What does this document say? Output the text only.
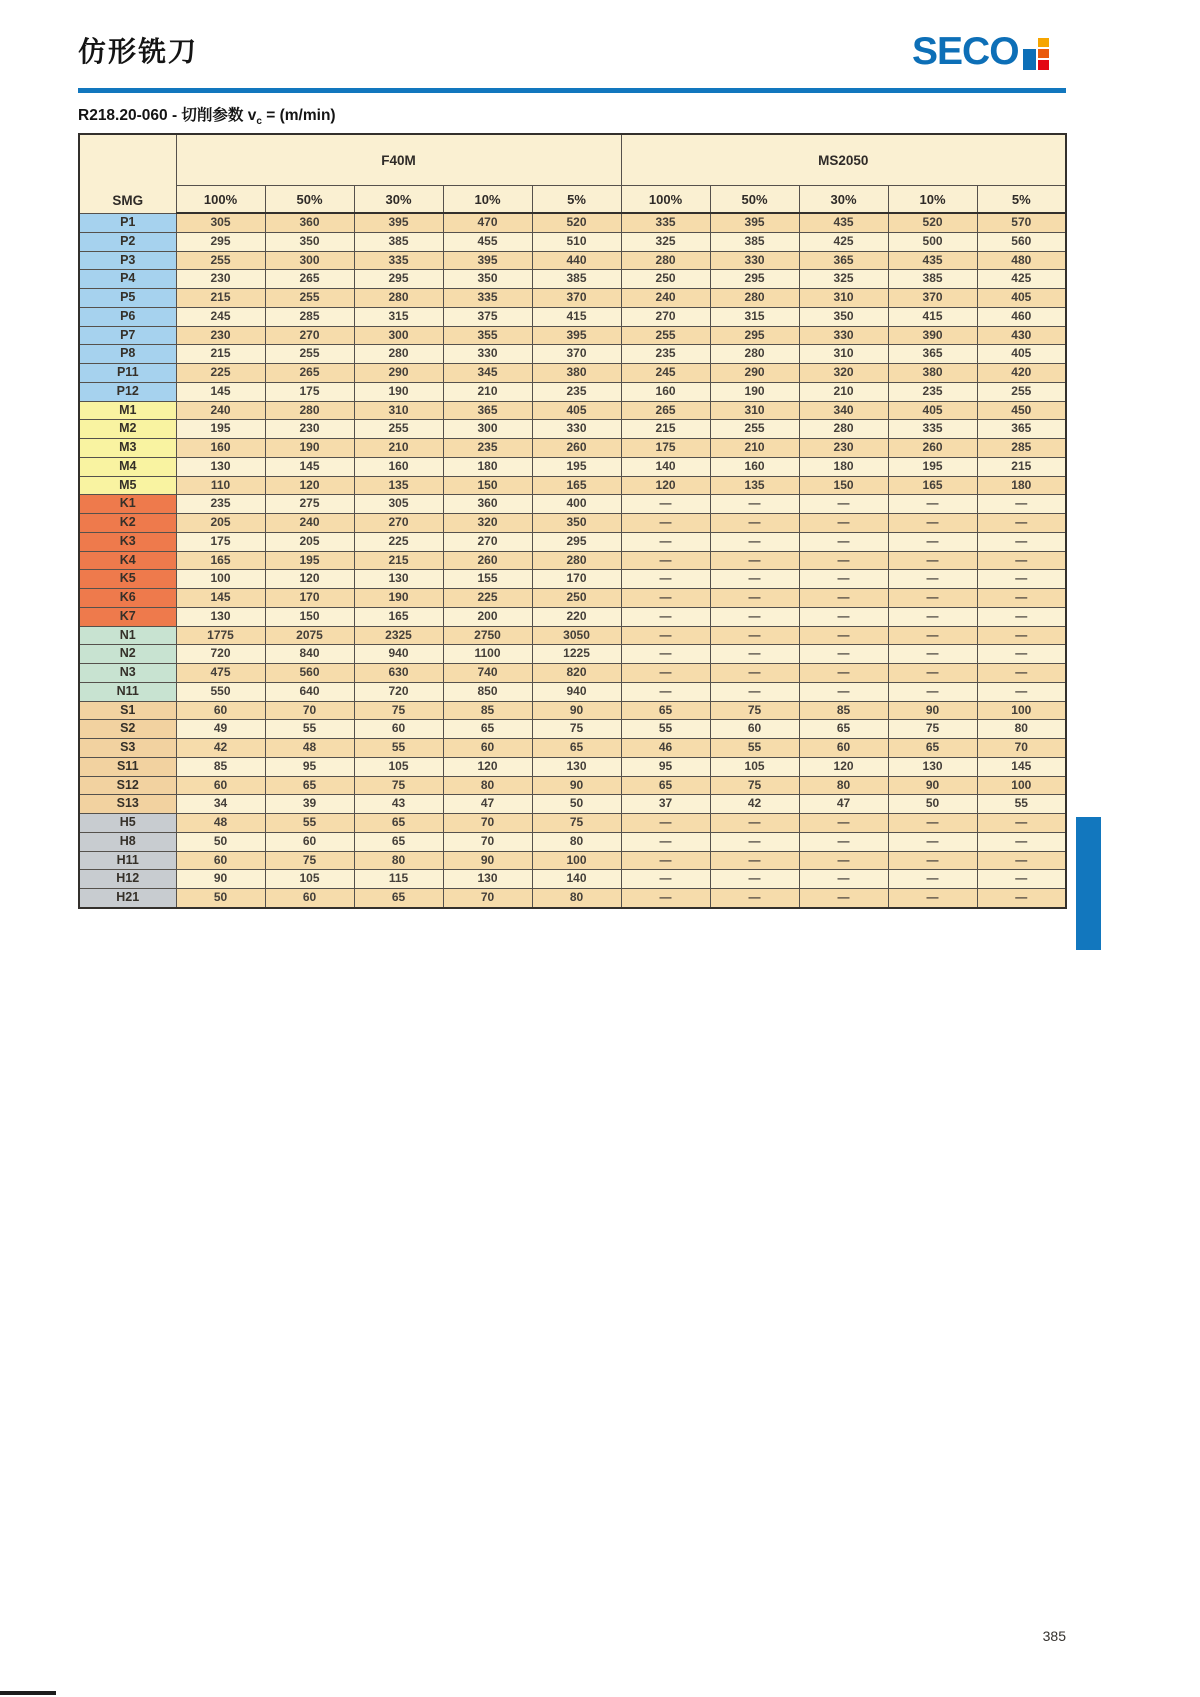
仿形铣刀	SECO
R218.20-060 - 切削参数 $v_c = (m/\min)$
SMG	F40M					MS2050				
	100%	50%	30%	10%	5%	100%	50%	30%	10%	5%
P1	305	360	395	470	520	335	395	435	520	570
P2	295	350	385	455	510	325	385	425	500	560
P3	255	300	335	395	440	280	330	365	435	480
P4	230	265	295	350	385	250	295	325	385	425
P5	215	255	280	335	370	240	280	310	370	405
P6	245	285	315	375	415	270	315	350	415	460
P7	230	270	300	355	395	255	295	330	390	430
P8	215	255	280	330	370	235	280	310	365	405
P11	225	265	290	345	380	245	290	320	380	420
P12	145	175	190	210	235	160	190	210	235	255
M1	240	280	310	365	405	265	310	340	405	450
M2	195	230	255	300	330	215	255	280	335	365
M3	160	190	210	235	260	175	210	230	260	285
M4	130	145	160	180	195	140	160	180	195	215
M5	110	120	135	150	165	120	135	150	165	180
K1	235	275	305	360	400	—	—	—	—	—
K2	205	240	270	320	350	—	—	—	—	—
K3	175	205	225	270	295	—	—	—	—	—
K4	165	195	215	260	280	—	—	—	—	—
K5	100	120	130	155	170	—	—	—	—	—
K6	145	170	190	225	250	—	—	—	—	—
K7	130	150	165	200	220	—	—	—	—	—
N1	1775	2075	2325	2750	3050	—	—	—	—	—
N2	720	840	940	1100	1225	—	—	—	—	—
N3	475	560	630	740	820	—	—	—	—	—
N11	550	640	720	850	940	—	—	—	—	—
S1	60	70	75	85	90	65	75	85	90	100
S2	49	55	60	65	75	55	60	65	75	80
S3	42	48	55	60	65	46	55	60	65	70
S11	85	95	105	120	130	95	105	120	130	145
S12	60	65	75	80	90	65	75	80	90	100
S13	34	39	43	47	50	37	42	47	50	55
H5	48	55	65	70	75	—	—	—	—	—
H8	50	60	65	70	80	—	—	—	—	—
H11	60	75	80	90	100	—	—	—	—	—
H12	90	105	115	130	140	—	—	—	—	—
H21	50	60	65	70	80	—	—	—	—	—
385
